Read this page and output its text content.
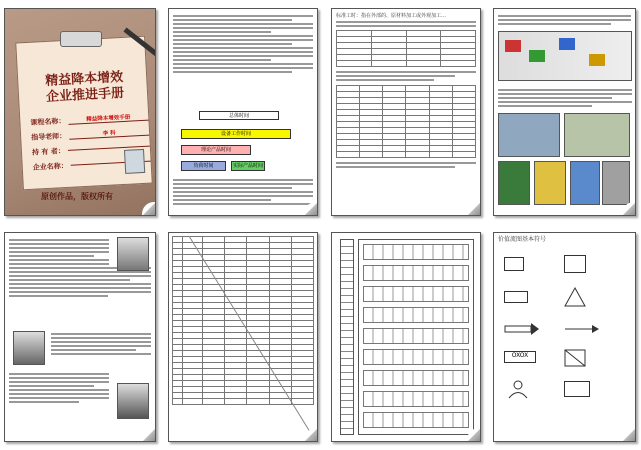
精益降本增效
企业推进手册
课程名称：	精益降本增效手册
指导老师：	李 科
持 有 者：
企业名称：
原创作品，版权所有
总体时间
设备工作时间
理论产品时间
负荷时间	实际产品时间
标准工时：指在外部的、原材料加工或外观加工…

价值流图基本符号
OXOX
